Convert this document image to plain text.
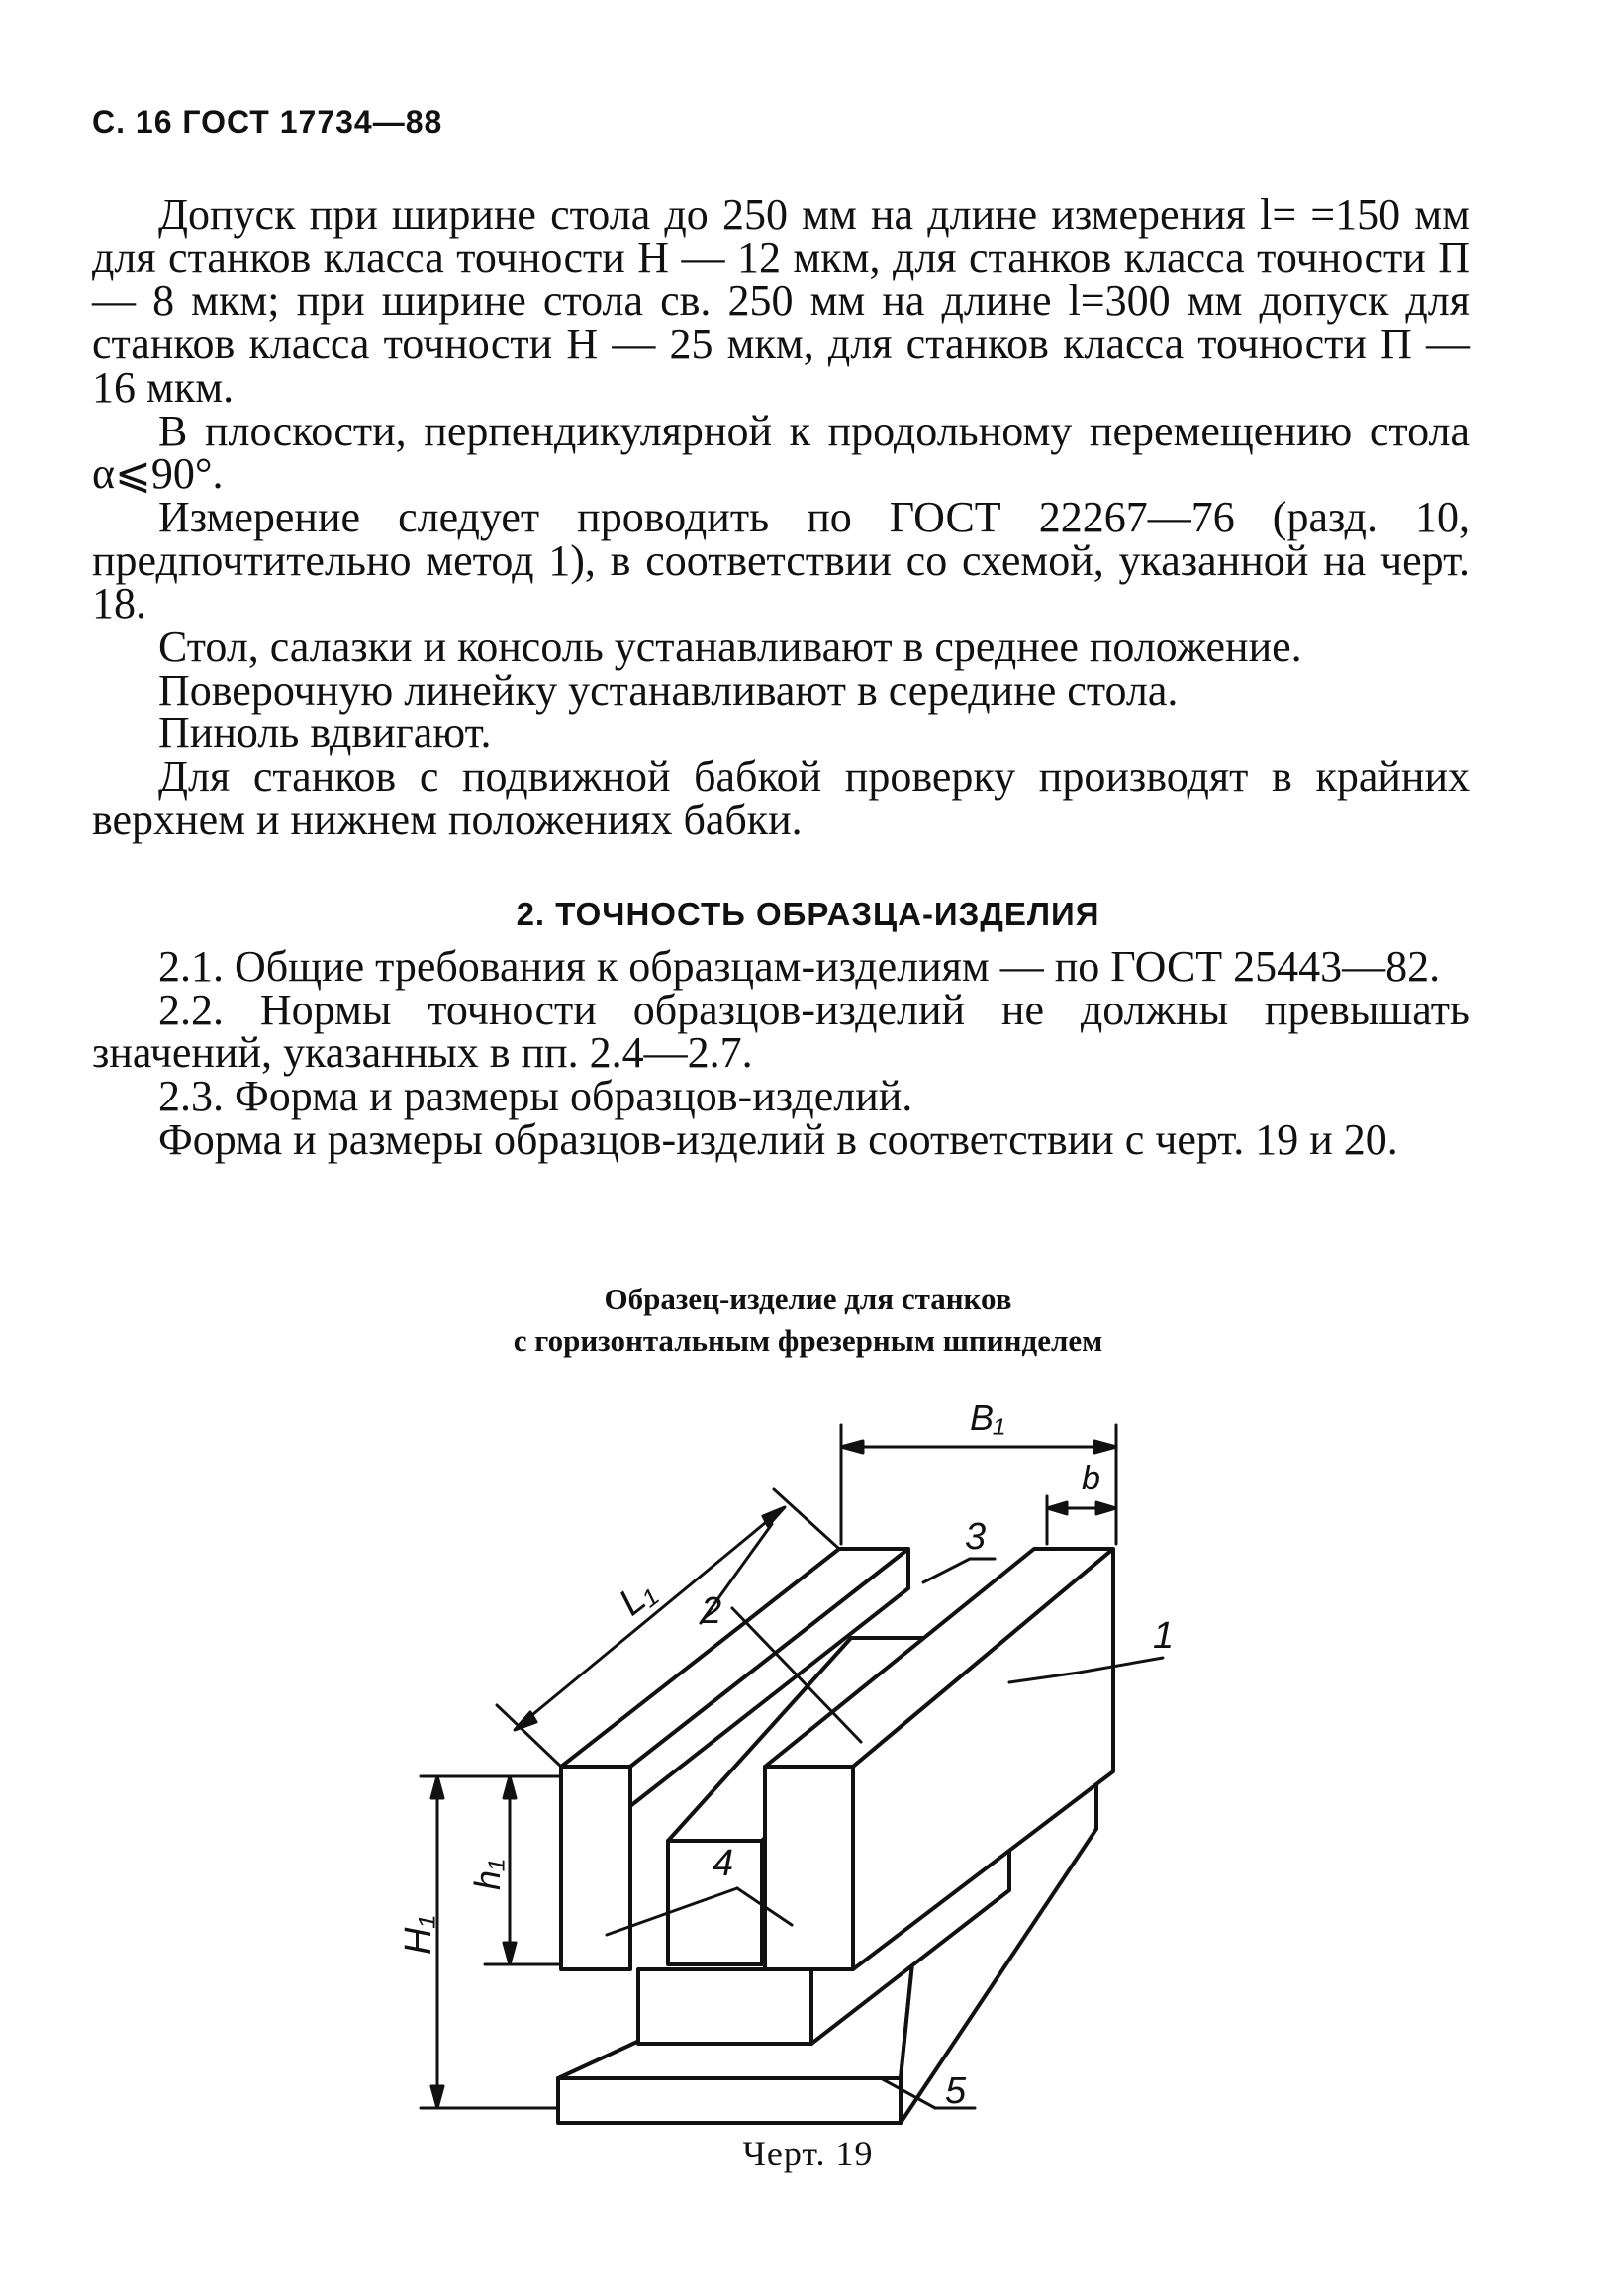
С. 16 ГОСТ 17734—88

Допуск при ширине стола до 250 мм на длине измерения l= =150 мм для станков класса точности Н — 12 мкм, для станков класса точности П — 8 мкм; при ширине стола св. 250 мм на длине l=300 мм допуск для станков класса точности Н — 25 мкм, для станков класса точности П — 16 мкм.

В плоскости, перпендикулярной к продольному перемещению стола α⩽90°.

Измерение следует проводить по ГОСТ 22267—76 (разд. 10, предпочтительно метод 1), в соответствии со схемой, указанной на черт. 18.

Стол, салазки и консоль устанавливают в среднее положение.

Поверочную линейку устанавливают в середине стола.

Пиноль вдвигают.

Для станков с подвижной бабкой проверку производят в крайних верхнем и нижнем положениях бабки.

2. ТОЧНОСТЬ ОБРАЗЦА-ИЗДЕЛИЯ

2.1. Общие требования к образцам-изделиям — по ГОСТ 25443—82.

2.2. Нормы точности образцов-изделий не должны превышать значений, указанных в пп. 2.4—2.7.

2.3. Форма и размеры образцов-изделий.

Форма и размеры образцов-изделий в соответствии с черт. 19 и 20.

Образец-изделие для станков
с горизонтальным фрезерным шпинделем
B₁
b
L₁
h₁
H₁
1
2
3
4
5
Черт. 19
